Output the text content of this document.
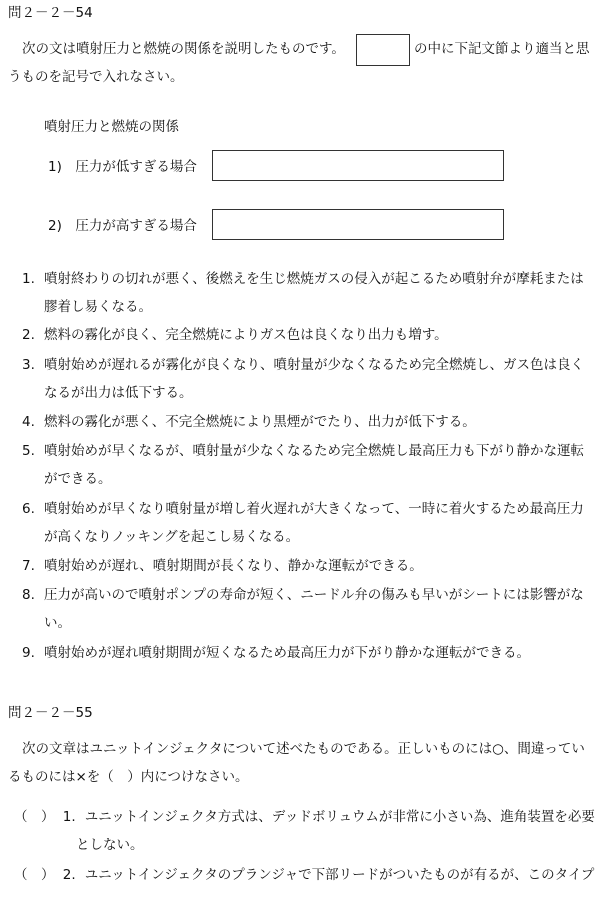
問２－２－54
次の文は噴射圧力と燃焼の関係を説明したものです。	の中に下記文節より適当と思
うものを記号で入れなさい。
噴射圧力と燃焼の関係
1)　圧力が低すぎる場合
2)　圧力が高すぎる場合
1. 噴射終わりの切れが悪く、後燃えを生じ燃焼ガスの侵入が起こるため噴射弁が摩耗または
膠着し易くなる。
2. 燃料の霧化が良く、完全燃焼によりガス色は良くなり出力も増す。
3. 噴射始めが遅れるが霧化が良くなり、噴射量が少なくなるため完全燃焼し、ガス色は良く
なるが出力は低下する。
4. 燃料の霧化が悪く、不完全燃焼により黒煙がでたり、出力が低下する。
5. 噴射始めが早くなるが、噴射量が少なくなるため完全燃焼し最高圧力も下がり静かな運転
ができる。
6. 噴射始めが早くなり噴射量が増し着火遅れが大きくなって、一時に着火するため最高圧力
が高くなりノッキングを起こし易くなる。
7. 噴射始めが遅れ、噴射期間が長くなり、静かな運転ができる。
8. 圧力が高いので噴射ポンプの寿命が短く、ニードル弁の傷みも早いがシートには影響がな
い。
9. 噴射始めが遅れ噴射期間が短くなるため最高圧力が下がり静かな運転ができる。
問２－２－55
次の文章はユニットインジェクタについて述べたものである。正しいものには○、間違ってい
るものには×を（　）内につけなさい。
（　） 1. ユニットインジェクタ方式は、デッドボリュウムが非常に小さい為、進角装置を必要
としない。
（　） 2. ユニットインジェクタのプランジャで下部リードがついたものが有るが、このタイプ
